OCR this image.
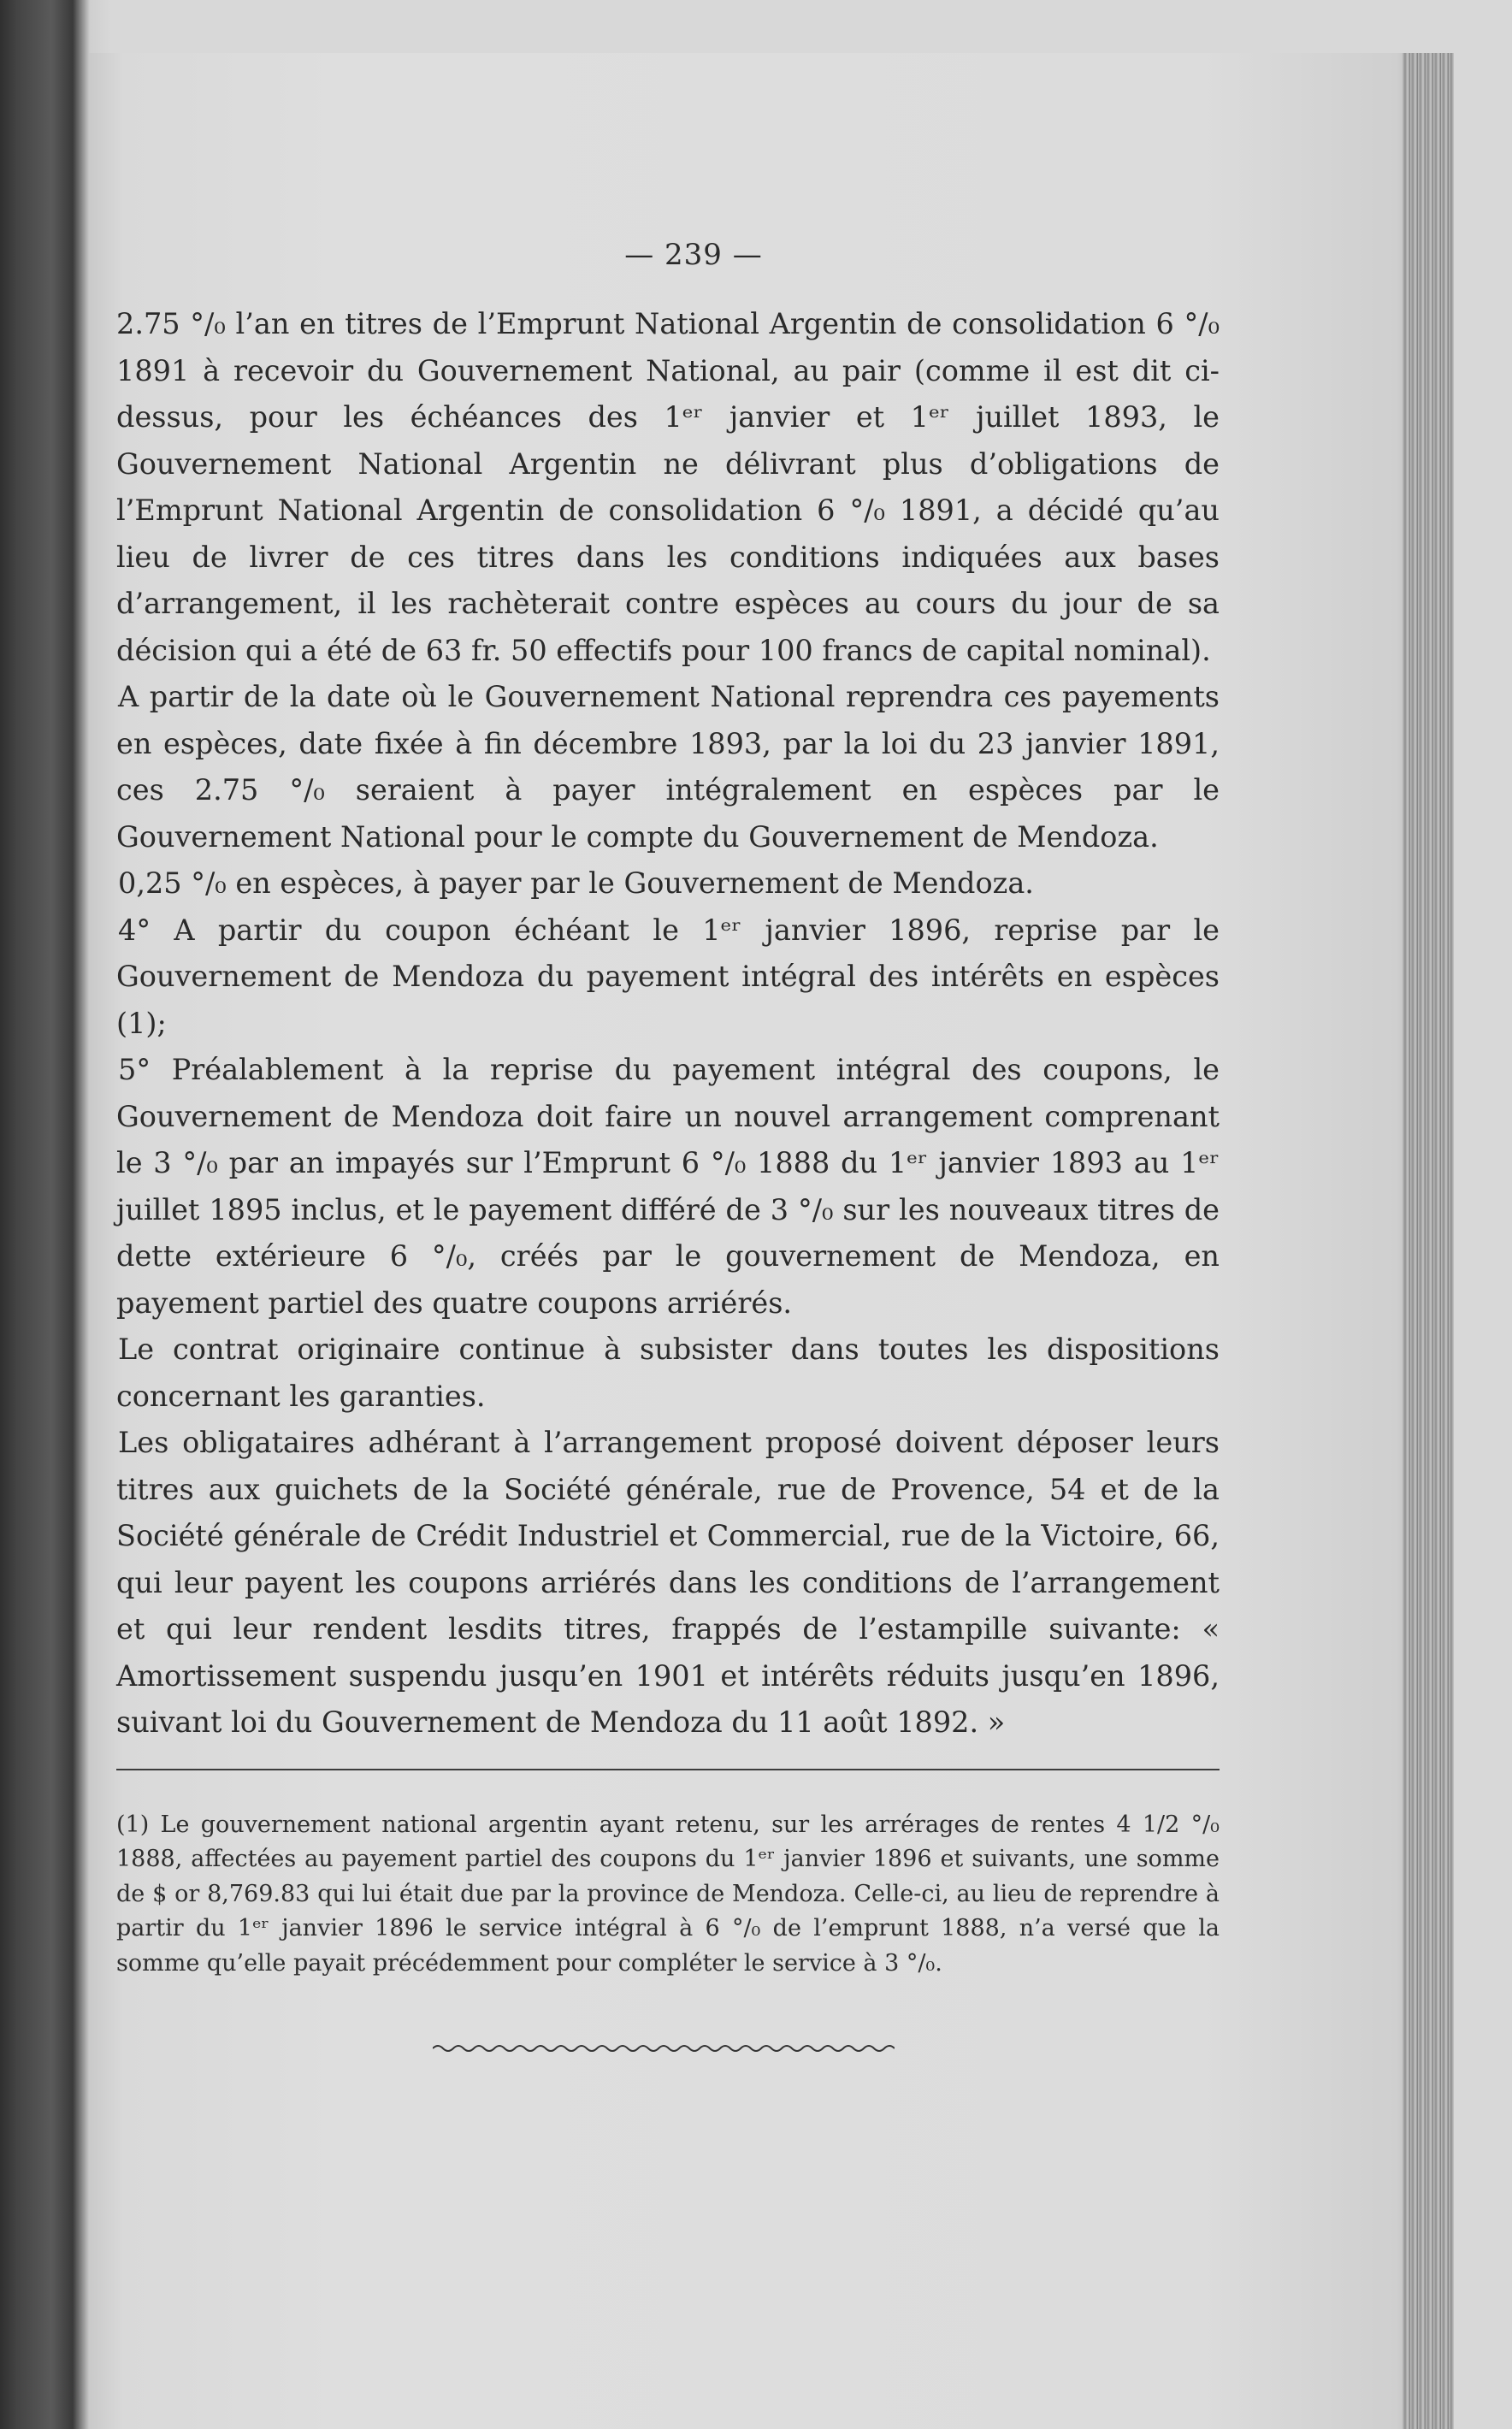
— 239 —

2.75 °/₀ l’an en titres de l’Emprunt National Argentin de consolidation 6 °/₀ 1891 à recevoir du Gouvernement National, au pair (comme il est dit ci-dessus, pour les échéances des 1ᵉʳ janvier et 1ᵉʳ juillet 1893, le Gouvernement National Argentin ne délivrant plus d’obligations de l’Emprunt National Argentin de consolidation 6 °/₀ 1891, a décidé qu’au lieu de livrer de ces titres dans les conditions indiquées aux bases d’arrangement, il les rachèterait contre espèces au cours du jour de sa décision qui a été de 63 fr. 50 effectifs pour 100 francs de capital nominal).

A partir de la date où le Gouvernement National reprendra ces payements en espèces, date fixée à fin décembre 1893, par la loi du 23 janvier 1891, ces 2.75 °/₀ seraient à payer intégralement en espèces par le Gouvernement National pour le compte du Gouvernement de Mendoza.

0,25 °/₀ en espèces, à payer par le Gouvernement de Mendoza.

4° A partir du coupon échéant le 1ᵉʳ janvier 1896, reprise par le Gouvernement de Mendoza du payement intégral des intérêts en espèces (1);

5° Préalablement à la reprise du payement intégral des coupons, le Gouvernement de Mendoza doit faire un nouvel arrangement comprenant le 3 °/₀ par an impayés sur l’Emprunt 6 °/₀ 1888 du 1ᵉʳ janvier 1893 au 1ᵉʳ juillet 1895 inclus, et le payement différé de 3 °/₀ sur les nouveaux titres de dette extérieure 6 °/₀, créés par le gouvernement de Mendoza, en payement partiel des quatre coupons arriérés.

Le contrat originaire continue à subsister dans toutes les dispositions concernant les garanties.

Les obligataires adhérant à l’arrangement proposé doivent déposer leurs titres aux guichets de la Société générale, rue de Provence, 54 et de la Société générale de Crédit Industriel et Commercial, rue de la Victoire, 66, qui leur payent les coupons arriérés dans les conditions de l’arrangement et qui leur rendent lesdits titres, frappés de l’estampille suivante: « Amortissement suspendu jusqu’en 1901 et intérêts réduits jusqu’en 1896, suivant loi du Gouvernement de Mendoza du 11 août 1892. »

(1) Le gouvernement national argentin ayant retenu, sur les arrérages de rentes 4 1/2 °/₀ 1888, affectées au payement partiel des coupons du 1ᵉʳ janvier 1896 et suivants, une somme de $ or 8,769.83 qui lui était due par la province de Mendoza. Celle-ci, au lieu de reprendre à partir du 1ᵉʳ janvier 1896 le service intégral à 6 °/₀ de l’emprunt 1888, n’a versé que la somme qu’elle payait précédemment pour compléter le service à 3 °/₀.
